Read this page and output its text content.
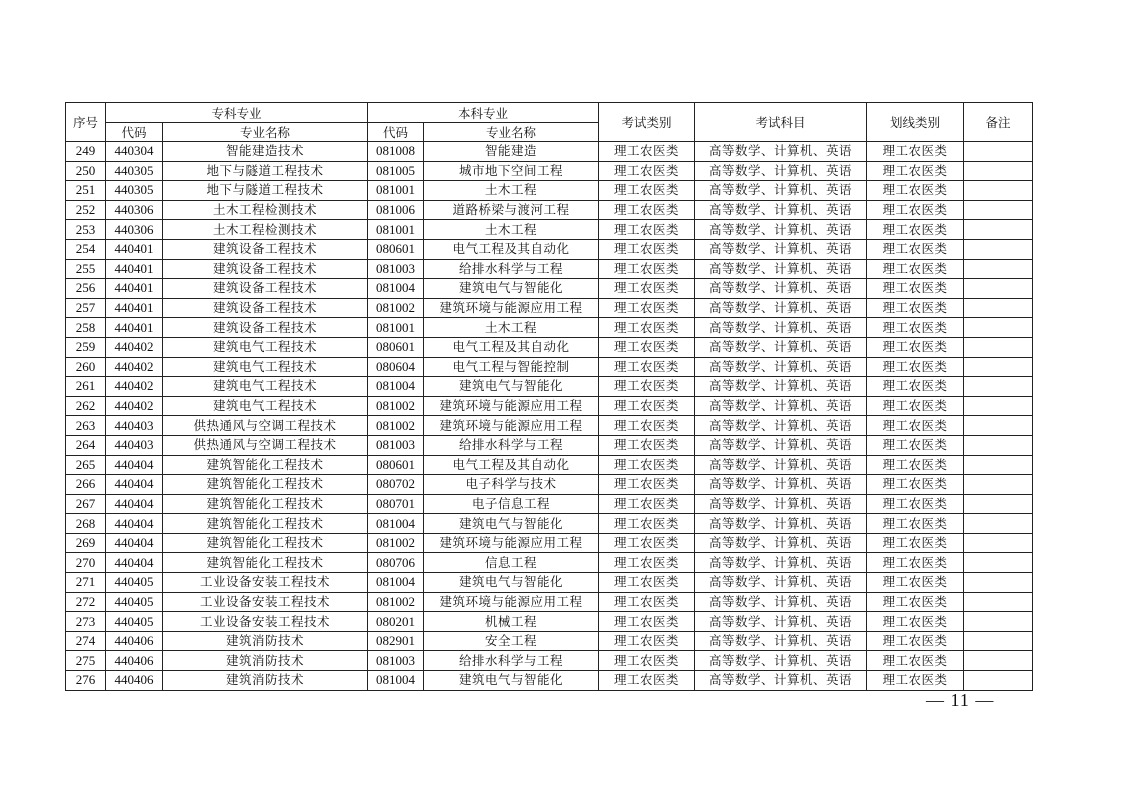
序号	专科专业		本科专业		考试类别	考试科目	划线类别	备注
	代码	专业名称	代码	专业名称				
249	440304	智能建造技术	081008	智能建造	理工农医类	高等数学、计算机、英语	理工农医类	
250	440305	地下与隧道工程技术	081005	城市地下空间工程	理工农医类	高等数学、计算机、英语	理工农医类	
251	440305	地下与隧道工程技术	081001	土木工程	理工农医类	高等数学、计算机、英语	理工农医类	
252	440306	土木工程检测技术	081006	道路桥梁与渡河工程	理工农医类	高等数学、计算机、英语	理工农医类	
253	440306	土木工程检测技术	081001	土木工程	理工农医类	高等数学、计算机、英语	理工农医类	
254	440401	建筑设备工程技术	080601	电气工程及其自动化	理工农医类	高等数学、计算机、英语	理工农医类	
255	440401	建筑设备工程技术	081003	给排水科学与工程	理工农医类	高等数学、计算机、英语	理工农医类	
256	440401	建筑设备工程技术	081004	建筑电气与智能化	理工农医类	高等数学、计算机、英语	理工农医类	
257	440401	建筑设备工程技术	081002	建筑环境与能源应用工程	理工农医类	高等数学、计算机、英语	理工农医类	
258	440401	建筑设备工程技术	081001	土木工程	理工农医类	高等数学、计算机、英语	理工农医类	
259	440402	建筑电气工程技术	080601	电气工程及其自动化	理工农医类	高等数学、计算机、英语	理工农医类	
260	440402	建筑电气工程技术	080604	电气工程与智能控制	理工农医类	高等数学、计算机、英语	理工农医类	
261	440402	建筑电气工程技术	081004	建筑电气与智能化	理工农医类	高等数学、计算机、英语	理工农医类	
262	440402	建筑电气工程技术	081002	建筑环境与能源应用工程	理工农医类	高等数学、计算机、英语	理工农医类	
263	440403	供热通风与空调工程技术	081002	建筑环境与能源应用工程	理工农医类	高等数学、计算机、英语	理工农医类	
264	440403	供热通风与空调工程技术	081003	给排水科学与工程	理工农医类	高等数学、计算机、英语	理工农医类	
265	440404	建筑智能化工程技术	080601	电气工程及其自动化	理工农医类	高等数学、计算机、英语	理工农医类	
266	440404	建筑智能化工程技术	080702	电子科学与技术	理工农医类	高等数学、计算机、英语	理工农医类	
267	440404	建筑智能化工程技术	080701	电子信息工程	理工农医类	高等数学、计算机、英语	理工农医类	
268	440404	建筑智能化工程技术	081004	建筑电气与智能化	理工农医类	高等数学、计算机、英语	理工农医类	
269	440404	建筑智能化工程技术	081002	建筑环境与能源应用工程	理工农医类	高等数学、计算机、英语	理工农医类	
270	440404	建筑智能化工程技术	080706	信息工程	理工农医类	高等数学、计算机、英语	理工农医类	
271	440405	工业设备安装工程技术	081004	建筑电气与智能化	理工农医类	高等数学、计算机、英语	理工农医类	
272	440405	工业设备安装工程技术	081002	建筑环境与能源应用工程	理工农医类	高等数学、计算机、英语	理工农医类	
273	440405	工业设备安装工程技术	080201	机械工程	理工农医类	高等数学、计算机、英语	理工农医类	
274	440406	建筑消防技术	082901	安全工程	理工农医类	高等数学、计算机、英语	理工农医类	
275	440406	建筑消防技术	081003	给排水科学与工程	理工农医类	高等数学、计算机、英语	理工农医类	
276	440406	建筑消防技术	081004	建筑电气与智能化	理工农医类	高等数学、计算机、英语	理工农医类	
— 11 —
